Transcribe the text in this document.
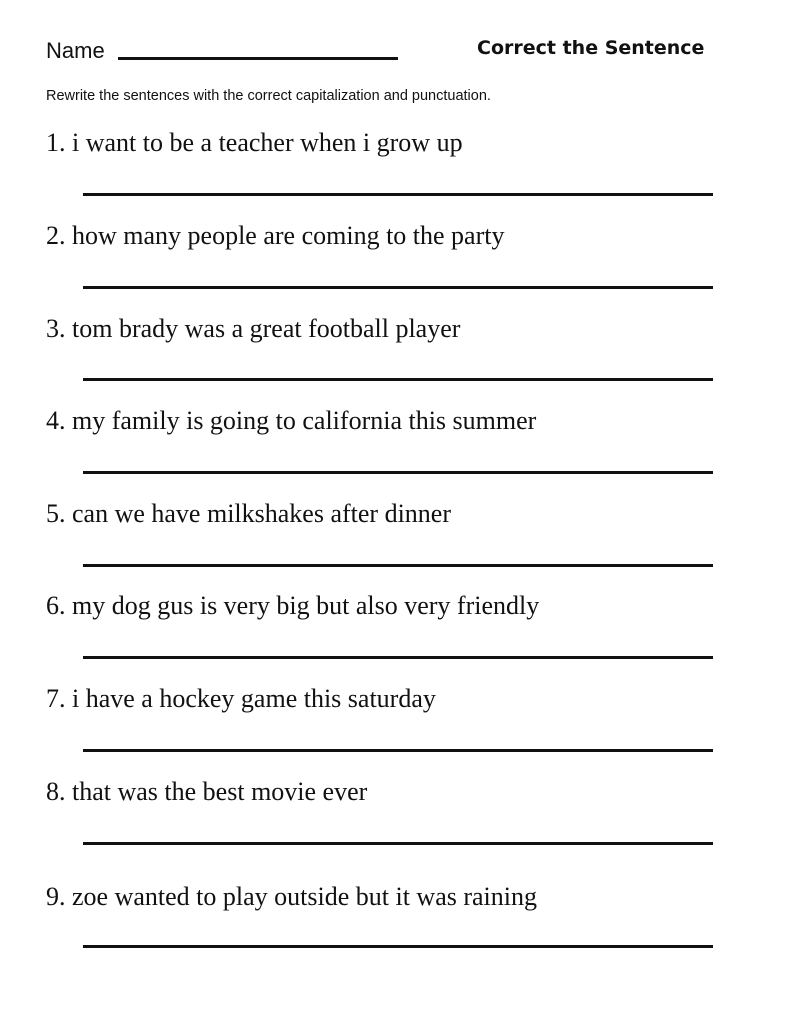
Name	Correct the Sentence
Rewrite the sentences with the correct capitalization and punctuation.
1. i want to be a teacher when i grow up
2. how many people are coming to the party
3. tom brady was a great football player
4. my family is going to california this summer
5. can we have milkshakes after dinner
6. my dog gus is very big but also very friendly
7. i have a hockey game this saturday
8. that was the best movie ever
9. zoe wanted to play outside but it was raining
